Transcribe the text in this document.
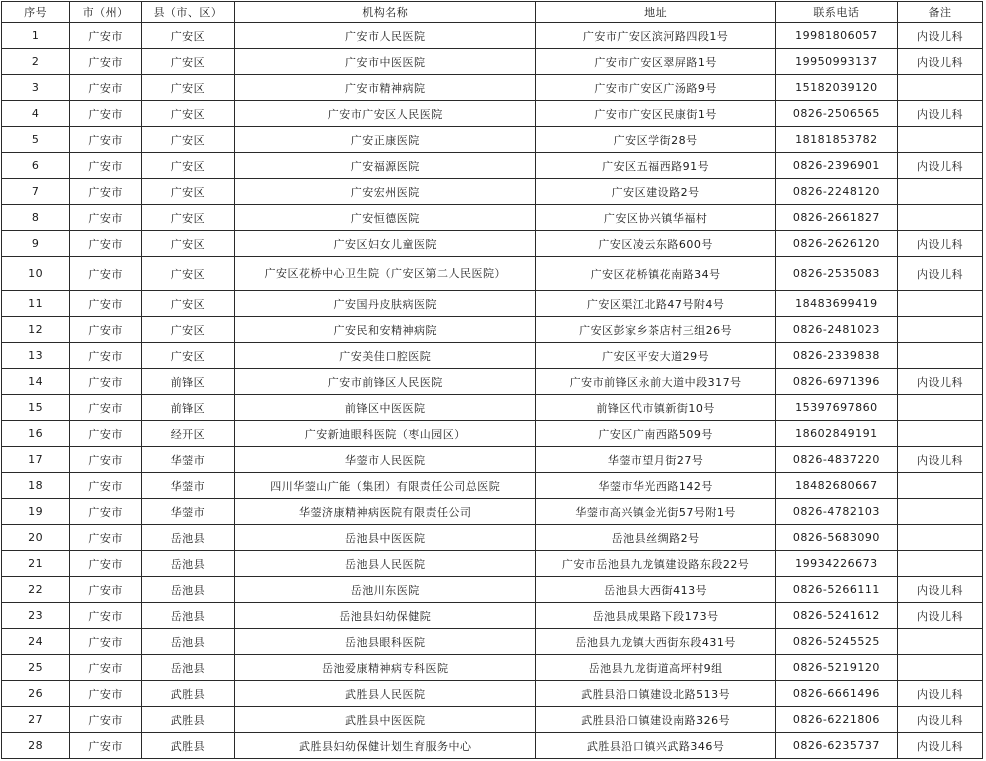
序号	市（州）	县（市、区）	机构名称	地址	联系电话	备注
1	广安市	广安区	广安市人民医院	广安市广安区滨河路四段1号	19981806057	内设儿科
2	广安市	广安区	广安市中医医院	广安市广安区翠屏路1号	19950993137	内设儿科
3	广安市	广安区	广安市精神病院	广安市广安区广汤路9号	15182039120	
4	广安市	广安区	广安市广安区人民医院	广安市广安区民康街1号	0826-2506565	内设儿科
5	广安市	广安区	广安正康医院	广安区学街28号	18181853782	
6	广安市	广安区	广安福源医院	广安区五福西路91号	0826-2396901	内设儿科
7	广安市	广安区	广安宏州医院	广安区建设路2号	0826-2248120	
8	广安市	广安区	广安恒德医院	广安区协兴镇华福村	0826-2661827	
9	广安市	广安区	广安区妇女儿童医院	广安区凌云东路600号	0826-2626120	内设儿科
10	广安市	广安区	广安区花桥中心卫生院（广安区第二人民医院）	广安区花桥镇花南路34号	0826-2535083	内设儿科
11	广安市	广安区	广安国丹皮肤病医院	广安区渠江北路47号附4号	18483699419	
12	广安市	广安区	广安民和安精神病院	广安区彭家乡茶店村三组26号	0826-2481023	
13	广安市	广安区	广安美佳口腔医院	广安区平安大道29号	0826-2339838	
14	广安市	前锋区	广安市前锋区人民医院	广安市前锋区永前大道中段317号	0826-6971396	内设儿科
15	广安市	前锋区	前锋区中医医院	前锋区代市镇新街10号	15397697860	
16	广安市	经开区	广安新迪眼科医院（枣山园区）	广安区广南西路509号	18602849191	
17	广安市	华蓥市	华蓥市人民医院	华蓥市望月街27号	0826-4837220	内设儿科
18	广安市	华蓥市	四川华蓥山广能（集团）有限责任公司总医院	华蓥市华光西路142号	18482680667	
19	广安市	华蓥市	华蓥济康精神病医院有限责任公司	华蓥市高兴镇金光街57号附1号	0826-4782103	
20	广安市	岳池县	岳池县中医医院	岳池县丝绸路2号	0826-5683090	
21	广安市	岳池县	岳池县人民医院	广安市岳池县九龙镇建设路东段22号	19934226673	
22	广安市	岳池县	岳池川东医院	岳池县大西街413号	0826-5266111	内设儿科
23	广安市	岳池县	岳池县妇幼保健院	岳池县成果路下段173号	0826-5241612	内设儿科
24	广安市	岳池县	岳池县眼科医院	岳池县九龙镇大西街东段431号	0826-5245525	
25	广安市	岳池县	岳池爱康精神病专科医院	岳池县九龙街道高坪村9组	0826-5219120	
26	广安市	武胜县	武胜县人民医院	武胜县沿口镇建设北路513号	0826-6661496	内设儿科
27	广安市	武胜县	武胜县中医医院	武胜县沿口镇建设南路326号	0826-6221806	内设儿科
28	广安市	武胜县	武胜县妇幼保健计划生育服务中心	武胜县沿口镇兴武路346号	0826-6235737	内设儿科
